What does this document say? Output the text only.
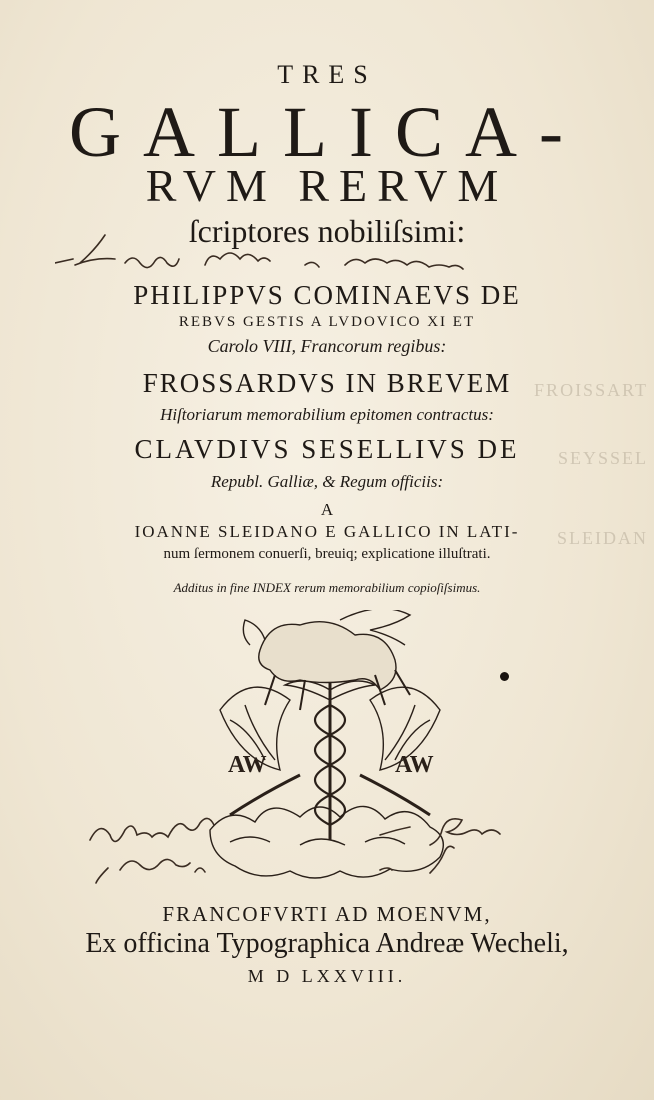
TRES
GALLICA-
RVM RERVM
ſcriptores nobiliſsimi:
PHILIPPVS COMINAEVS DE
REBVS GESTIS A LVDOVICO XI ET
Carolo VIII, Francorum regibus:
FROSSARDVS IN BREVEM
Hiſtoriarum memorabilium epitomen contractus:
CLAVDIVS SESELLIVS DE
Republ. Galliæ, & Regum officiis:
A
IOANNE SLEIDANO E GALLICO IN LATI-
num ſermonem conuerſi, breuiq; explicatione illuſtrati.
Additus in fine INDEX rerum memorabilium copioſiſsimus.
AW	AW
FRANCOFVRTI AD MOENVM,
Ex officina Typographica Andreæ Wecheli,
M D LXXVIII.
FROISSART
SEYSSEL
SLEIDAN
